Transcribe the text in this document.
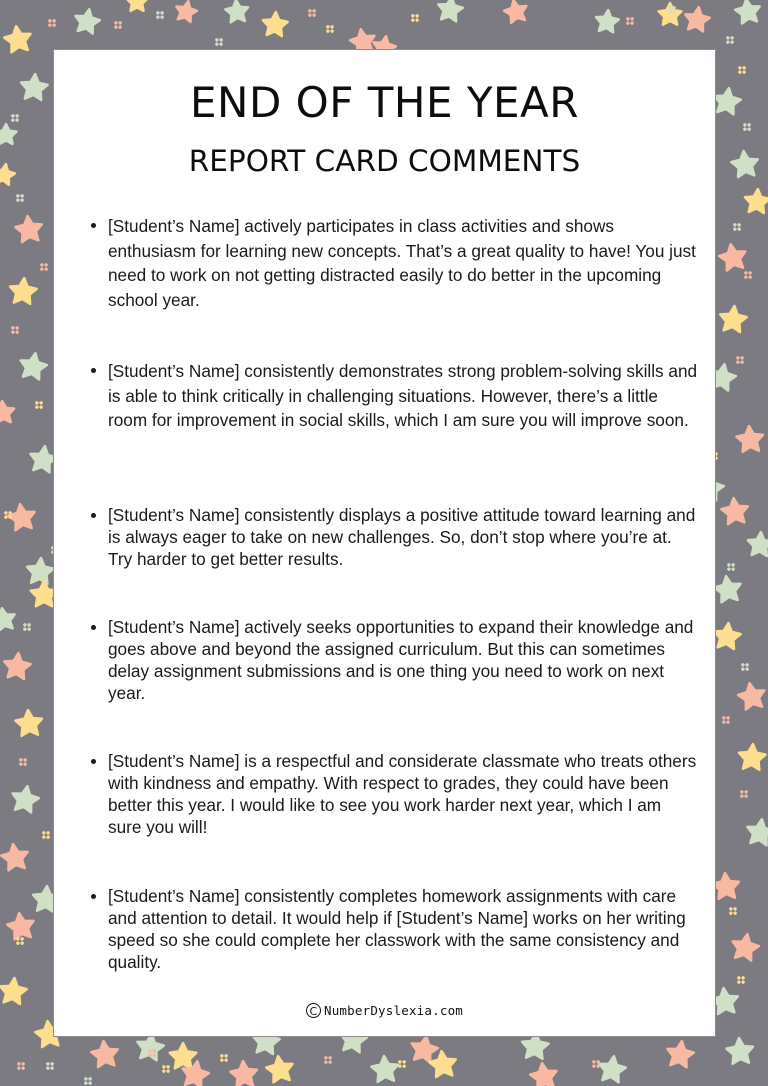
END OF THE YEAR
REPORT CARD COMMENTS
[Student’s Name] actively participates in class activities and shows enthusiasm for learning new concepts. That’s a great quality to have! You just need to work on not getting distracted easily to do better in the upcoming school year.
[Student’s Name] consistently demonstrates strong problem-solving skills and is able to think critically in challenging situations. However, there’s a little room for improvement in social skills, which I am sure you will improve soon.
[Student’s Name] consistently displays a positive attitude toward learning and is always eager to take on new challenges. So, don’t stop where you’re at. Try harder to get better results.
[Student’s Name] actively seeks opportunities to expand their knowledge and goes above and beyond the assigned curriculum. But this can sometimes delay assignment submissions and is one thing you need to work on next year.
[Student’s Name] is a respectful and considerate classmate who treats others with kindness and empathy. With respect to grades, they could have been better this year. I would like to see you work harder next year, which I am sure you will!
[Student’s Name] consistently completes homework assignments with care and attention to detail. It would help if [Student’s Name] works on her writing speed so she could complete her classwork with the same consistency and quality.
C NumberDyslexia.com
